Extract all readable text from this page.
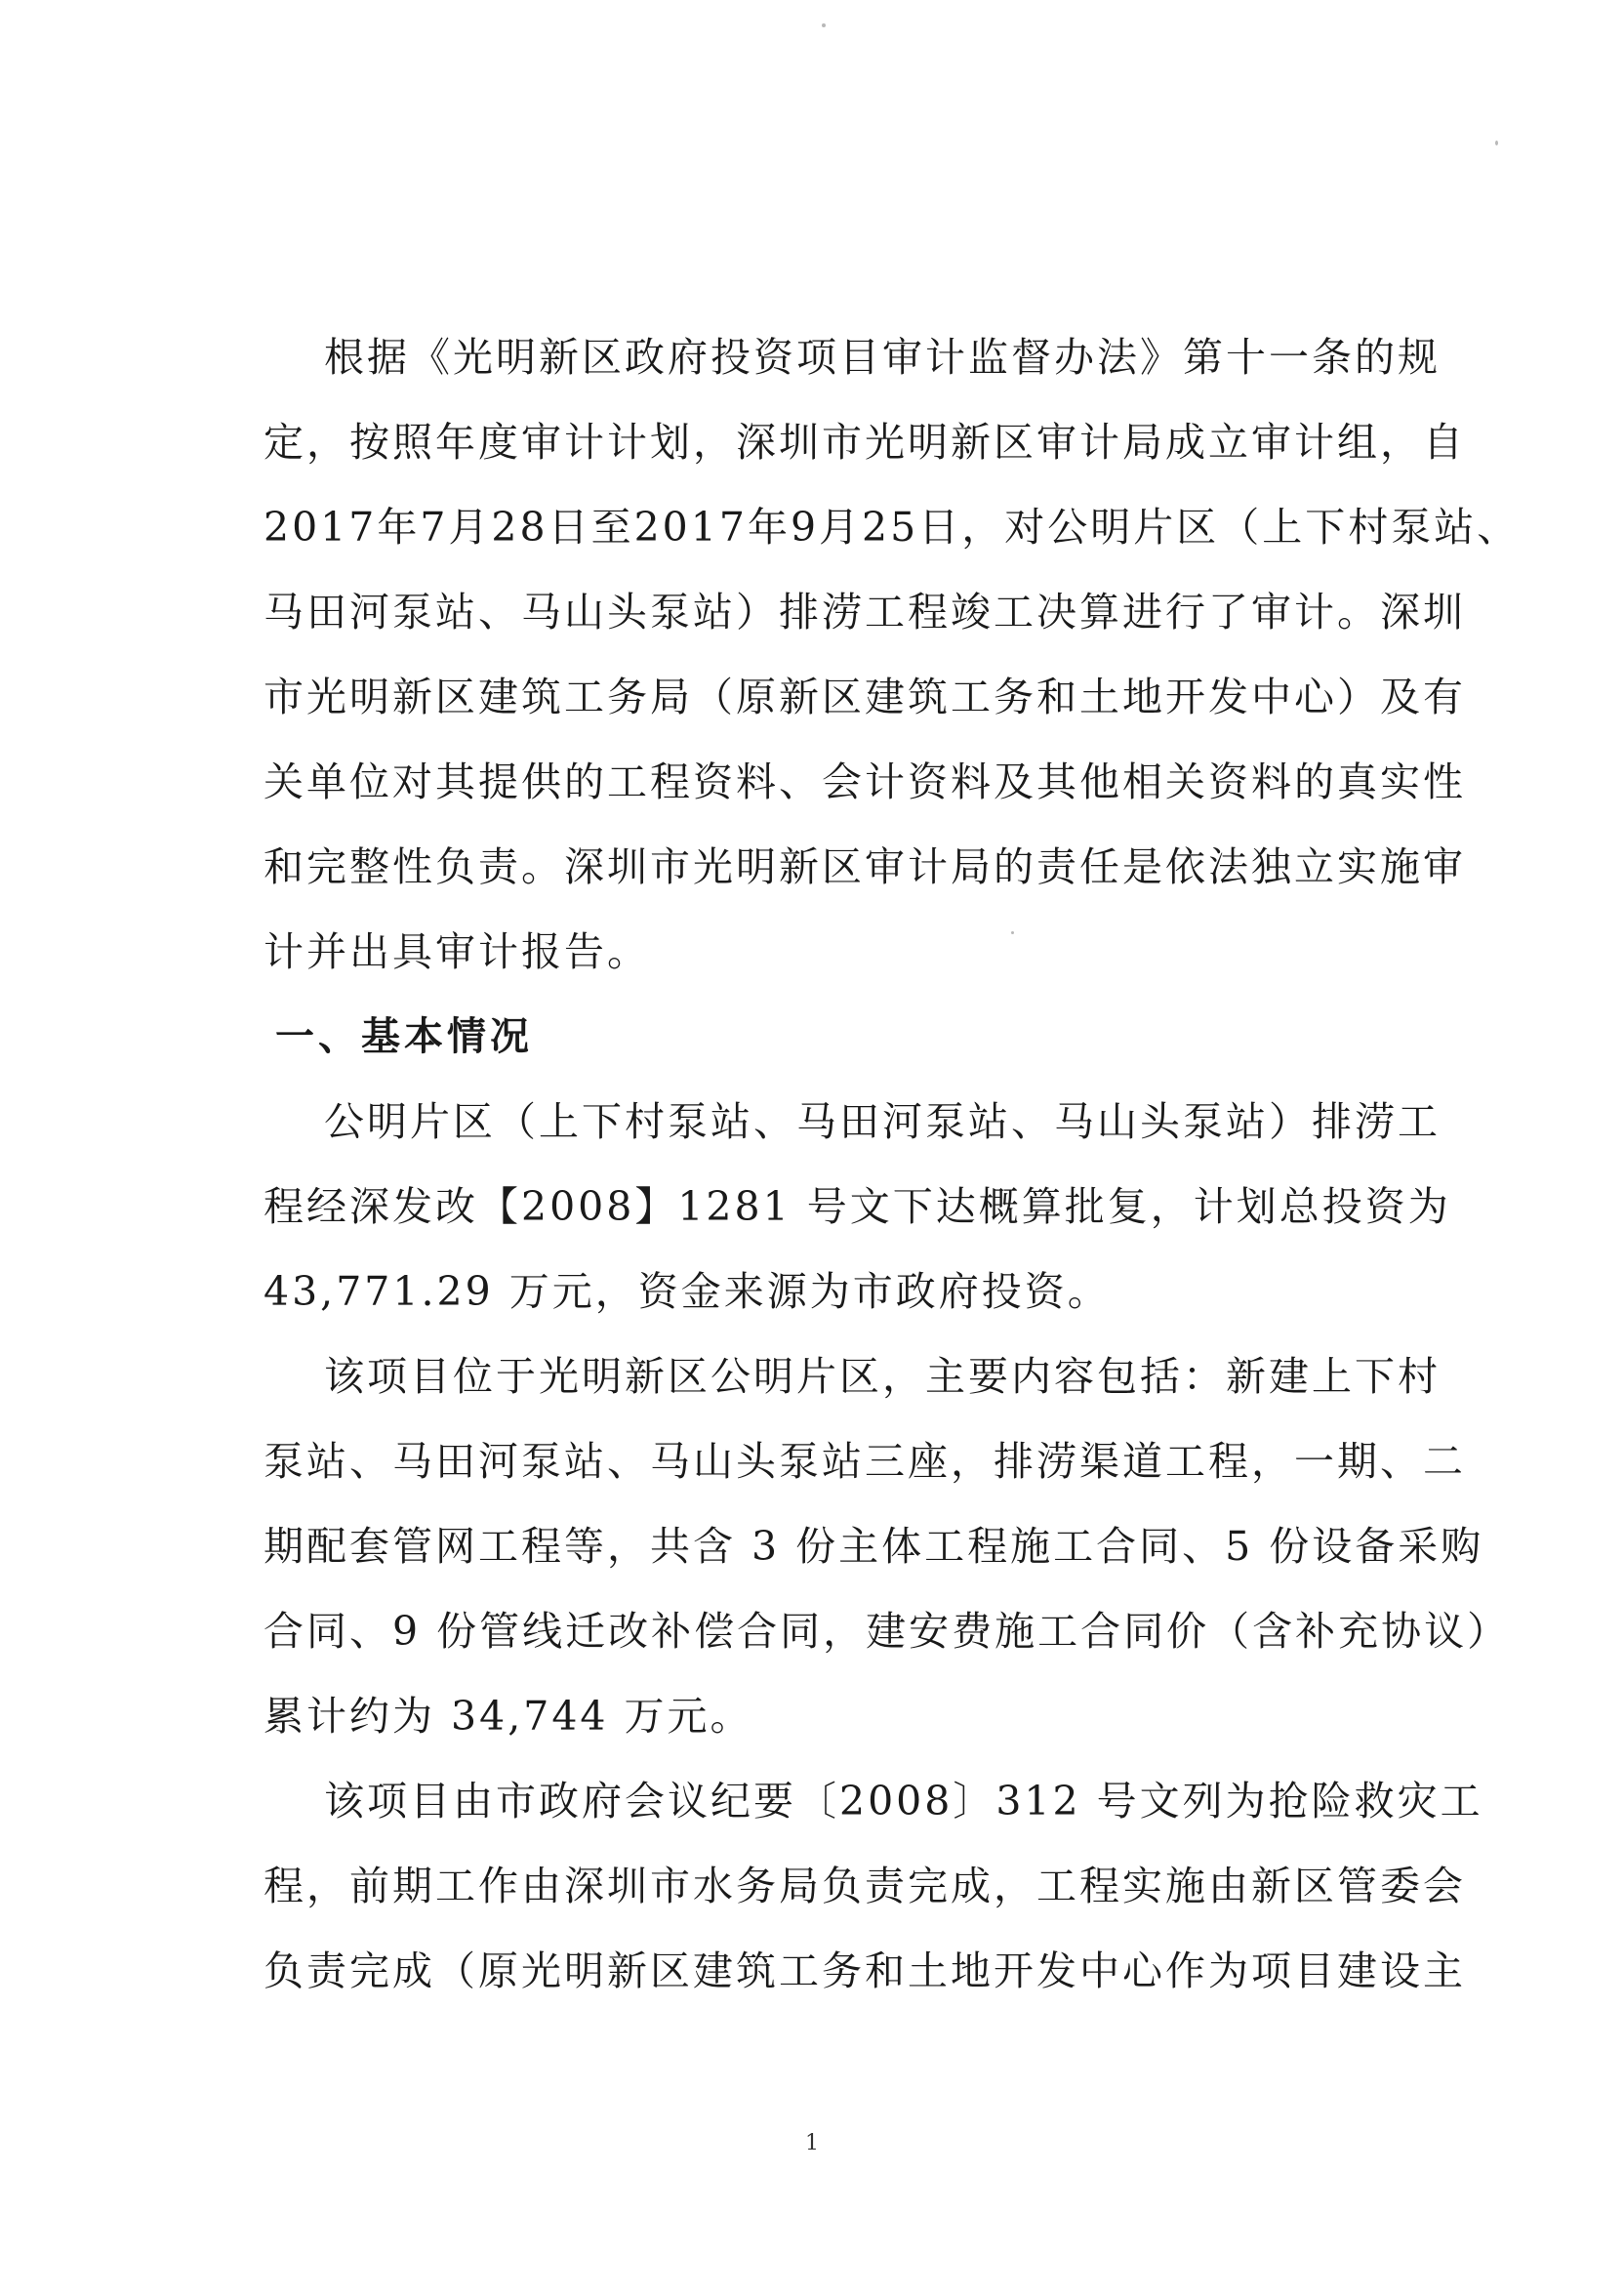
根据《光明新区政府投资项目审计监督办法》第十一条的规
定，按照年度审计计划，深圳市光明新区审计局成立审计组，自
2017年7月28日至2017年9月25日，对公明片区（上下村泵站、
马田河泵站、马山头泵站）排涝工程竣工决算进行了审计。深圳
市光明新区建筑工务局（原新区建筑工务和土地开发中心）及有
关单位对其提供的工程资料、会计资料及其他相关资料的真实性
和完整性负责。深圳市光明新区审计局的责任是依法独立实施审
计并出具审计报告。
一、基本情况
公明片区（上下村泵站、马田河泵站、马山头泵站）排涝工
程经深发改【2008】1281 号文下达概算批复，计划总投资为
43,771.29 万元，资金来源为市政府投资。
该项目位于光明新区公明片区，主要内容包括：新建上下村
泵站、马田河泵站、马山头泵站三座，排涝渠道工程，一期、二
期配套管网工程等，共含 3 份主体工程施工合同、5 份设备采购
合同、9 份管线迁改补偿合同，建安费施工合同价（含补充协议）
累计约为 34,744 万元。
该项目由市政府会议纪要〔2008〕312 号文列为抢险救灾工
程，前期工作由深圳市水务局负责完成，工程实施由新区管委会
负责完成（原光明新区建筑工务和土地开发中心作为项目建设主
1
